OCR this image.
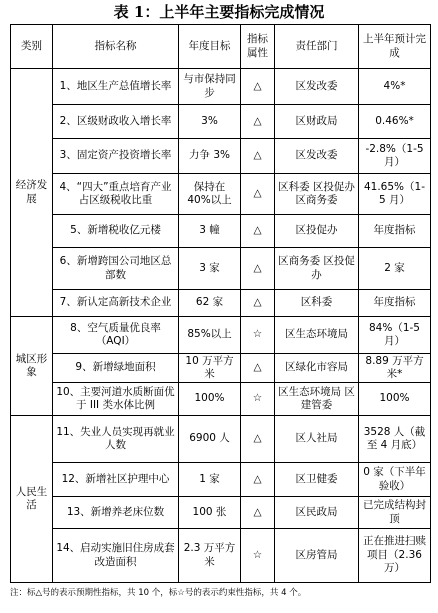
表 1：上半年主要指标完成情况
类别	指标名称	年度目标	指标属性	责任部门	上半年预计完成
经济发展	1、地区生产总值增长率	与市保持同步	△	区发改委	4%*
	2、区级财政收入增长率	3%	△	区财政局	0.46%*
	3、固定资产投资增长率	力争 3%	△	区发改委	-2.8%（1-5 月）
	4、“四大”重点培育产业占区级税收比重	保持在 40%以上	△	区科委 区投促办 区商务委	41.65%（1-5 月）
	5、新增税收亿元楼	3 幢	△	区投促办	年度指标
	6、新增跨国公司地区总部数	3 家	△	区商务委 区投促办	2 家
	7、新认定高新技术企业	62 家	△	区科委	年度指标
城区形象	8、空气质量优良率（AQI）	85%以上	☆	区生态环境局	84%（1-5 月）
	9、新增绿地面积	10 万平方米	△	区绿化市容局	8.89 万平方米*
	10、主要河道水质断面优于 III 类水体比例	100%	☆	区生态环境局 区建管委	100%
人民生活	11、失业人员实现再就业人数	6900 人	△	区人社局	3528 人（截至 4 月底）
	12、新增社区护理中心	1 家	△	区卫健委	0 家（下半年验收）
	13、新增养老床位数	100 张	△	区民政局	已完成结构封顶
	14、启动实施旧住房成套改造面积	2.3 万平方米	☆	区房管局	正在推进扫赎项目（2.36 万）
注：标△号的表示预期性指标，共 10 个，标☆号的表示约束性指标，共 4 个。
